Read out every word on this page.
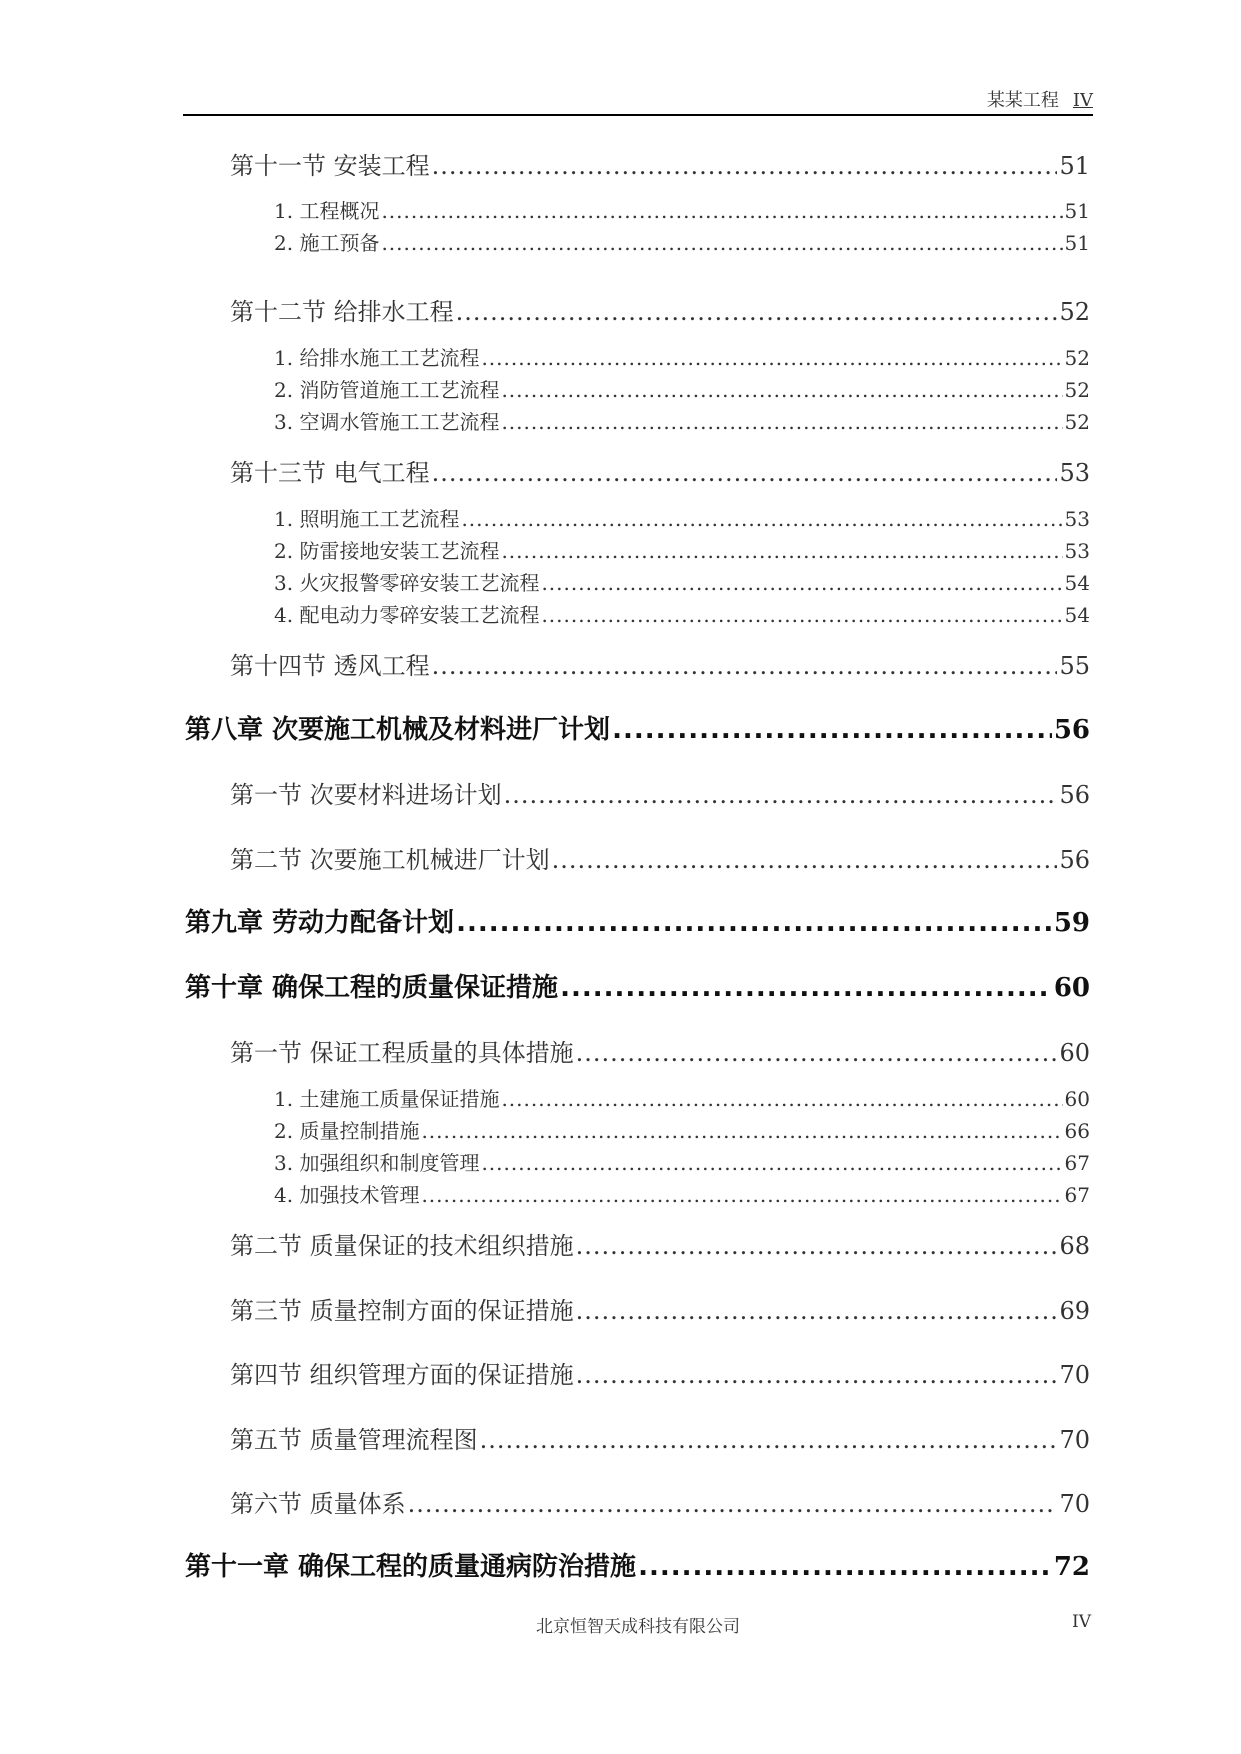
某某工程 IV
第十一节 安装工程 .....	51
1. 工程概况 .....	51
2. 施工预备 .....	51
第十二节 给排水工程 .....	52
1. 给排水施工工艺流程 .....	52
2. 消防管道施工工艺流程 .....	52
3. 空调水管施工工艺流程 .....	52
第十三节 电气工程 .....	53
1. 照明施工工艺流程 .....	53
2. 防雷接地安装工艺流程 .....	53
3. 火灾报警零碎安装工艺流程 .....	54
4. 配电动力零碎安装工艺流程 .....	54
第十四节 透风工程 .....	55
第八章 次要施工机械及材料进厂计划 .....	56
第一节 次要材料进场计划 .....	56
第二节 次要施工机械进厂计划 .....	56
第九章 劳动力配备计划 .....	59
第十章 确保工程的质量保证措施 .....	60
第一节 保证工程质量的具体措施 .....	60
1. 土建施工质量保证措施 .....	60
2. 质量控制措施 .....	66
3. 加强组织和制度管理 .....	67
4. 加强技术管理 .....	67
第二节 质量保证的技术组织措施 .....	68
第三节 质量控制方面的保证措施 .....	69
第四节 组织管理方面的保证措施 .....	70
第五节 质量管理流程图 .....	70
第六节 质量体系 .....	70
第十一章 确保工程的质量通病防治措施 .....	72
北京恒智天成科技有限公司	IV
